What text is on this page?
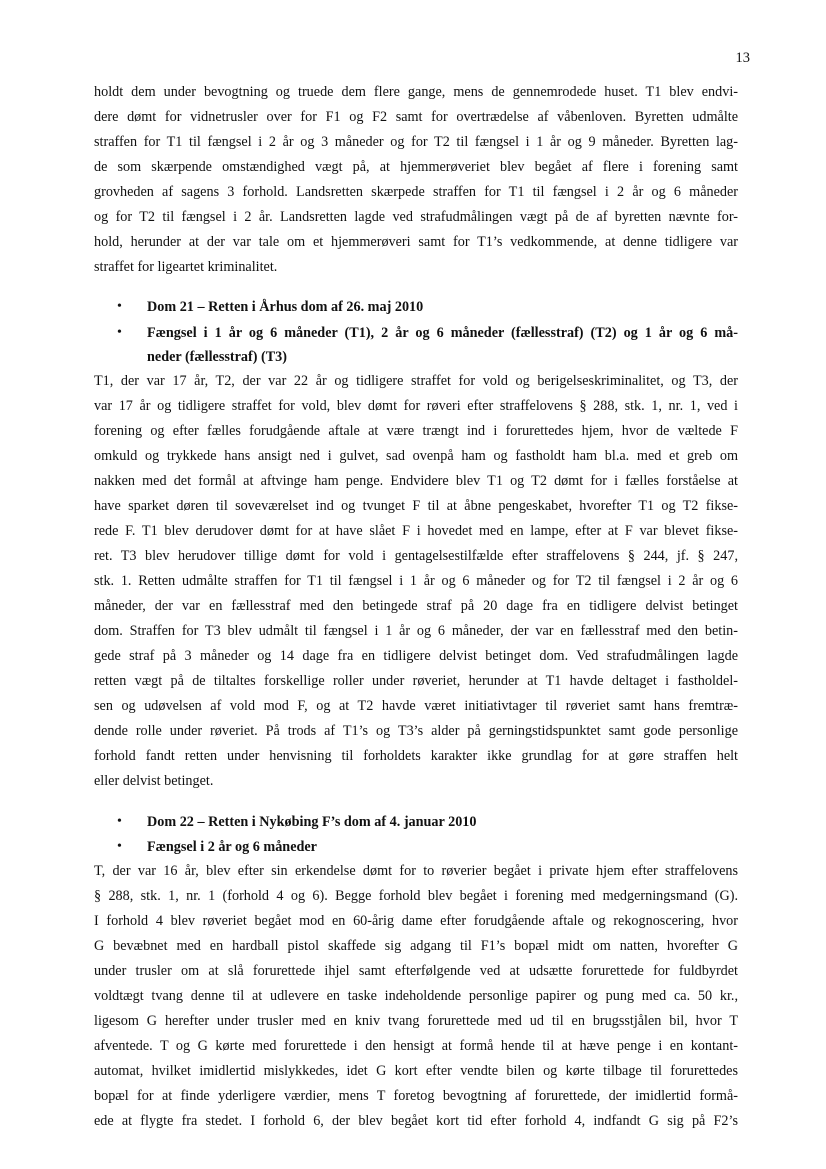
13
holdt dem under bevogtning og truede dem flere gange, mens de gennemrodede huset. T1 blev endvi-
dere dømt for vidnetrusler over for F1 og F2 samt for overtrædelse af våbenloven. Byretten udmålte
straffen for T1 til fængsel i 2 år og 3 måneder og for T2 til fængsel i 1 år og 9 måneder. Byretten lag-
de som skærpende omstændighed vægt på, at hjemmerøveriet blev begået af flere i forening samt
grovheden af sagens 3 forhold. Landsretten skærpede straffen for T1 til fængsel i 2 år og 6 måneder
og for T2 til fængsel i 2 år. Landsretten lagde ved strafudmålingen vægt på de af byretten nævnte for-
hold, herunder at der var tale om et hjemmerøveri samt for T1’s vedkommende, at denne tidligere var
straffet for ligeartet kriminalitet.
•	Dom 21 – Retten i Århus dom af 26. maj 2010
•	Fængsel i 1 år og 6 måneder (T1), 2 år og 6 måneder (fællesstraf) (T2) og 1 år og 6 må-
neder (fællesstraf) (T3)
T1, der var 17 år, T2, der var 22 år og tidligere straffet for vold og berigelseskriminalitet, og T3, der
var 17 år og tidligere straffet for vold, blev dømt for røveri efter straffelovens § 288, stk. 1, nr. 1, ved i
forening og efter fælles forudgående aftale at være trængt ind i forurettedes hjem, hvor de væltede F
omkuld og trykkede hans ansigt ned i gulvet, sad ovenpå ham og fastholdt ham bl.a. med et greb om
nakken med det formål at aftvinge ham penge. Endvidere blev T1 og T2 dømt for i fælles forståelse at
have sparket døren til soveværelset ind og tvunget F til at åbne pengeskabet, hvorefter T1 og T2 fikse-
rede F. T1 blev derudover dømt for at have slået F i hovedet med en lampe, efter at F var blevet fikse-
ret. T3 blev herudover tillige dømt for vold i gentagelsestilfælde efter straffelovens § 244, jf. § 247,
stk. 1. Retten udmålte straffen for T1 til fængsel i 1 år og 6 måneder og for T2 til fængsel i 2 år og 6
måneder, der var en fællesstraf med den betingede straf på 20 dage fra en tidligere delvist betinget
dom. Straffen for T3 blev udmålt til fængsel i 1 år og 6 måneder, der var en fællesstraf med den betin-
gede straf på 3 måneder og 14 dage fra en tidligere delvist betinget dom. Ved strafudmålingen lagde
retten vægt på de tiltaltes forskellige roller under røveriet, herunder at T1 havde deltaget i fastholdel-
sen og udøvelsen af vold mod F, og at T2 havde været initiativtager til røveriet samt hans fremtræ-
dende rolle under røveriet. På trods af T1’s og T3’s alder på gerningstidspunktet samt gode personlige
forhold fandt retten under henvisning til forholdets karakter ikke grundlag for at gøre straffen helt
eller delvist betinget.
•	Dom 22 – Retten i Nykøbing F’s dom af 4. januar 2010
•	Fængsel i 2 år og 6 måneder
T, der var 16 år, blev efter sin erkendelse dømt for to røverier begået i private hjem efter straffelovens
§ 288, stk. 1, nr. 1 (forhold 4 og 6). Begge forhold blev begået i forening med medgerningsmand (G).
I forhold 4 blev røveriet begået mod en 60-årig dame efter forudgående aftale og rekognoscering, hvor
G bevæbnet med en hardball pistol skaffede sig adgang til F1’s bopæl midt om natten, hvorefter G
under trusler om at slå forurettede ihjel samt efterfølgende ved at udsætte forurettede for fuldbyrdet
voldtægt tvang denne til at udlevere en taske indeholdende personlige papirer og pung med ca. 50 kr.,
ligesom G herefter under trusler med en kniv tvang forurettede med ud til en brugsstjålen bil, hvor T
afventede. T og G kørte med forurettede i den hensigt at formå hende til at hæve penge i en kontant-
automat, hvilket imidlertid mislykkedes, idet G kort efter vendte bilen og kørte tilbage til forurettedes
bopæl for at finde yderligere værdier, mens T foretog bevogtning af forurettede, der imidlertid formå-
ede at flygte fra stedet. I forhold 6, der blev begået kort tid efter forhold 4, indfandt G sig på F2’s
